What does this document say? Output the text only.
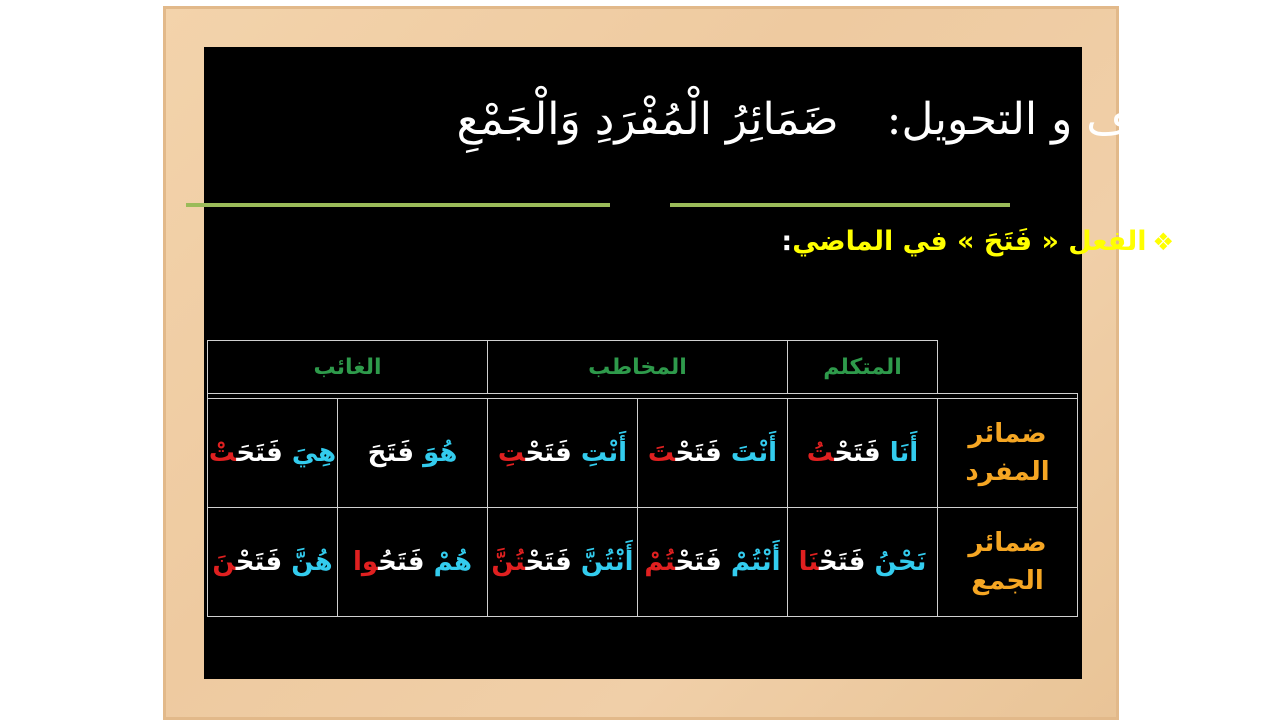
الصرف و التحويل:  ضَمَائِرُ الْمُفْرَدِ وَالْجَمْعِ
❖الفعل « فَتَحَ » في الماضي:
	المتكلم	المخاطب		الغائب	

ضمائر
المفرد	أَنَا فَتَحْتُ	أَنْتَ فَتَحْتَ	أَنْتِ فَتَحْتِ	هُوَ فَتَحَ	هِيَ فَتَحَتْ

ضمائر
الجمع	نَحْنُ فَتَحْنَا	أَنْتُمْ فَتَحْتُمْ	أَنْتُنَّ فَتَحْتُنَّ	هُمْ فَتَحُوا	هُنَّ فَتَحْنَ
